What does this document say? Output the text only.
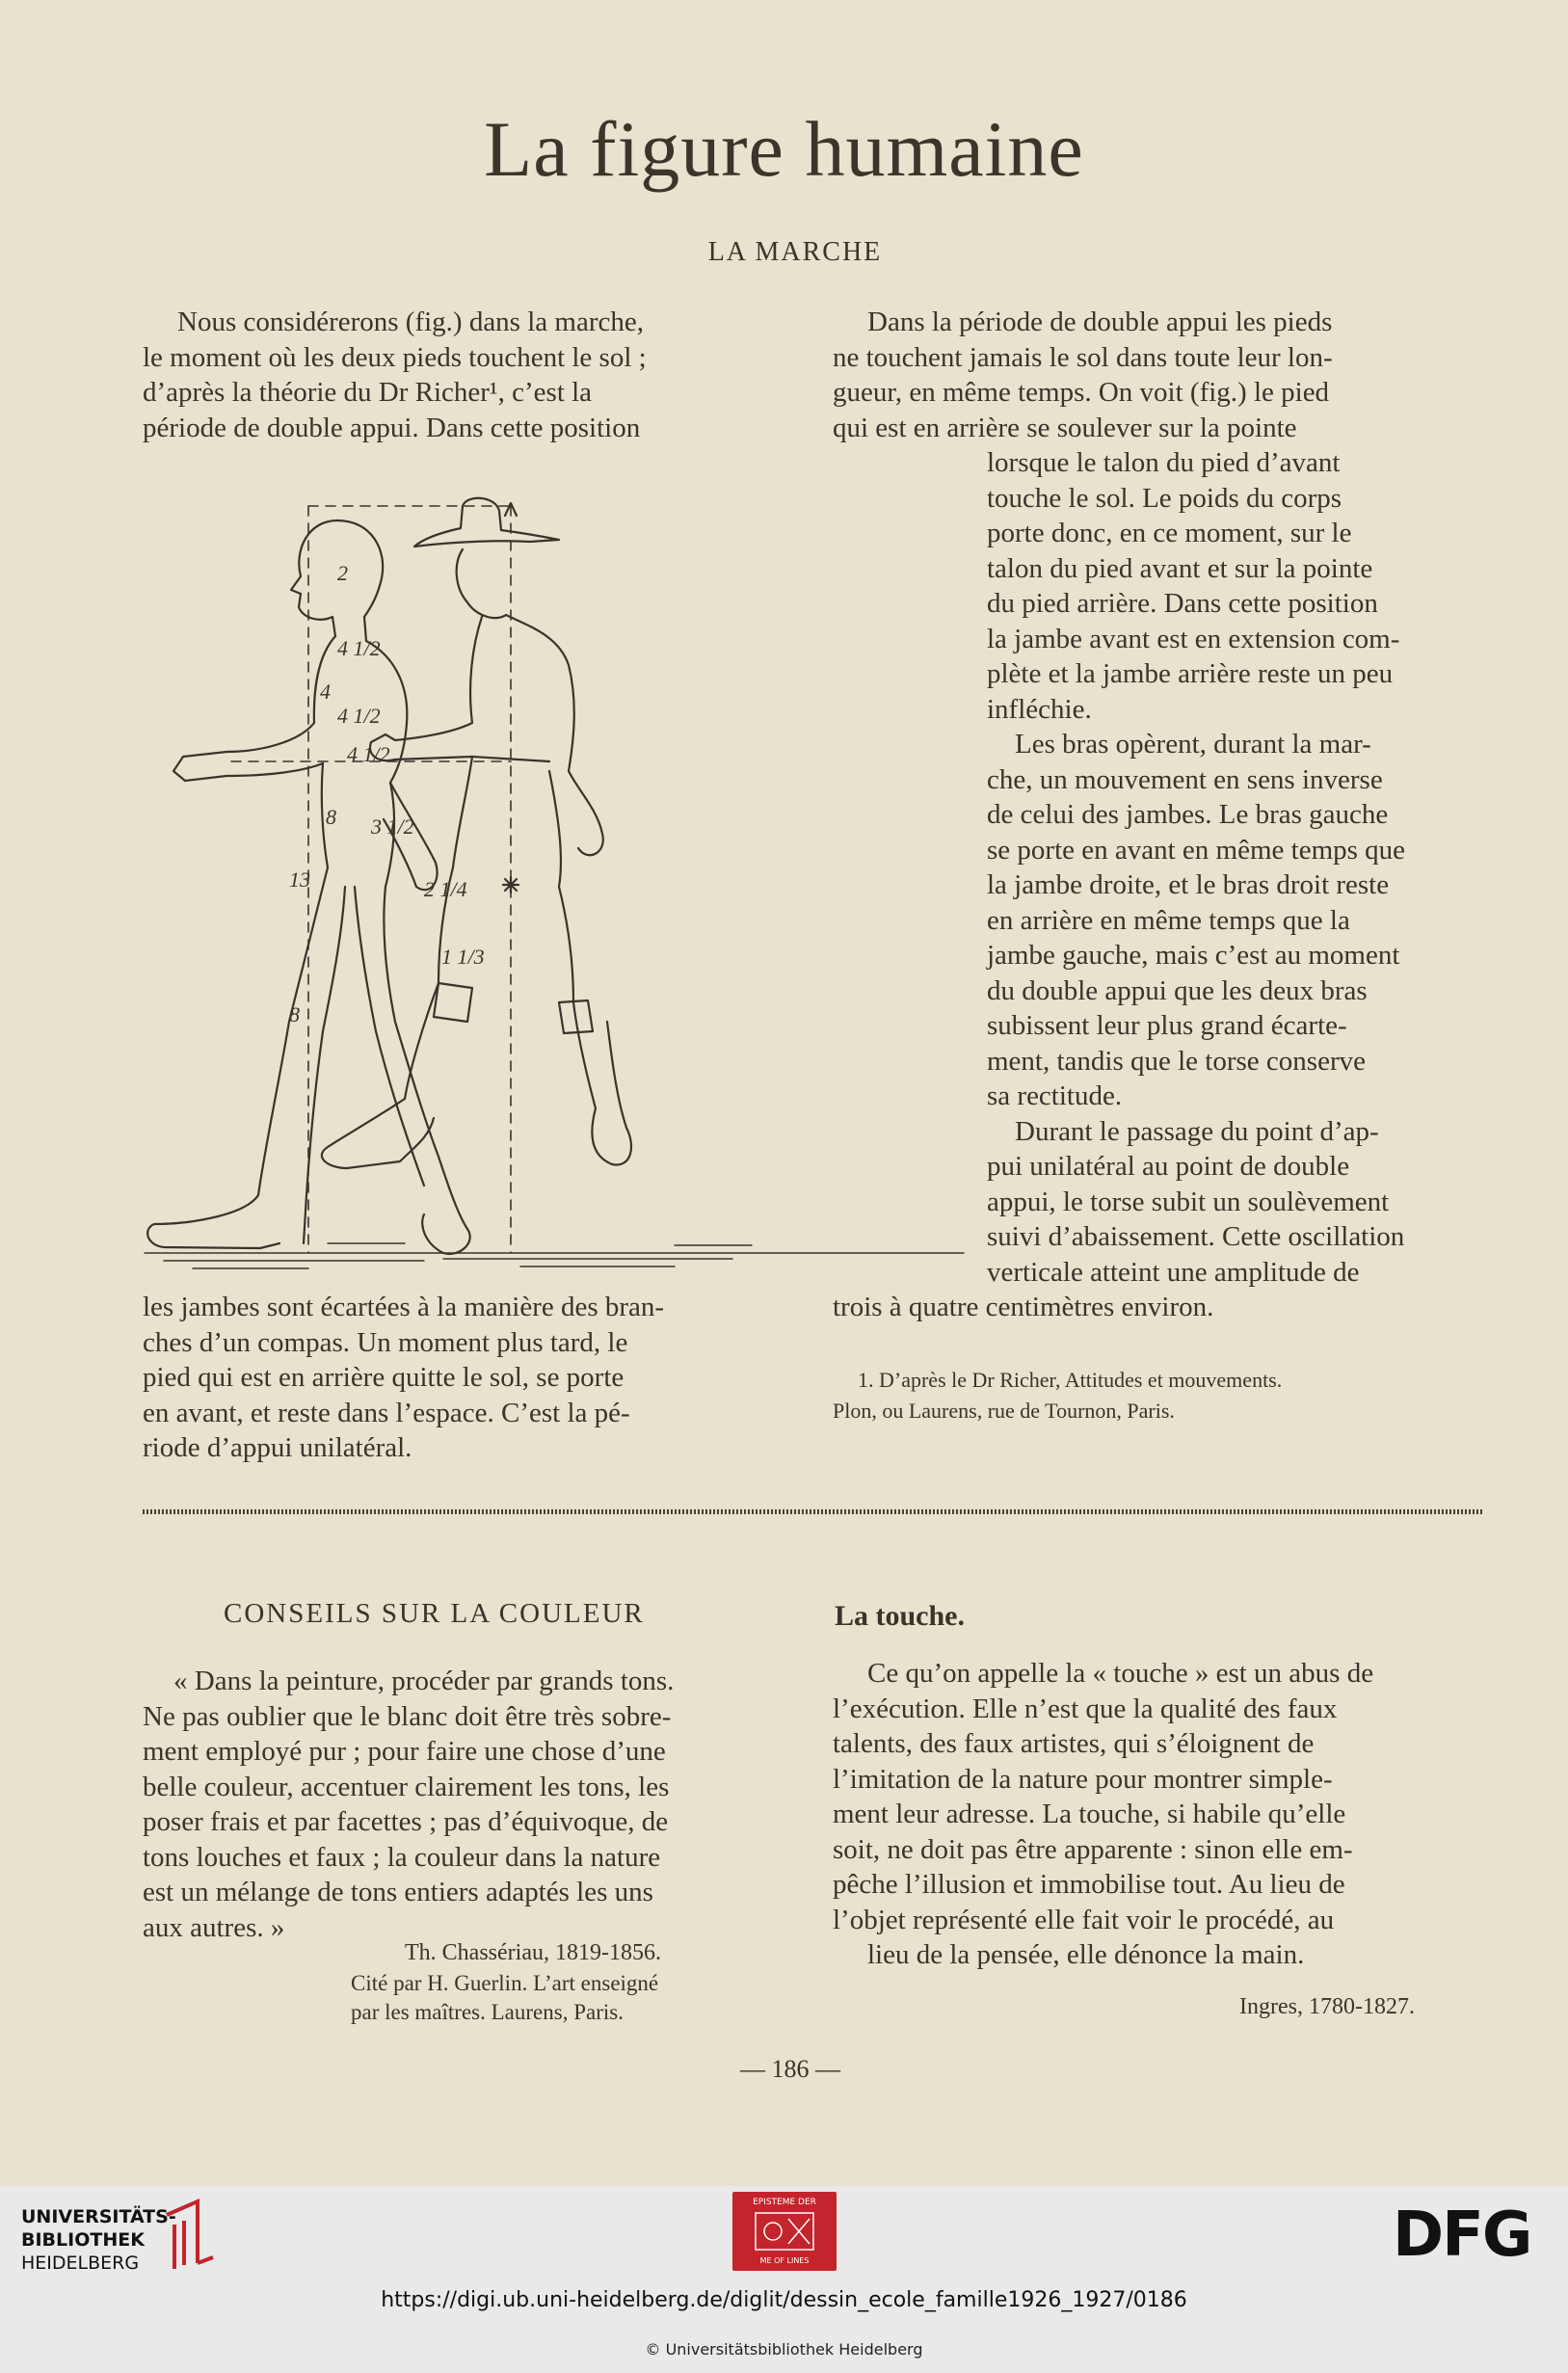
La figure humaine
LA MARCHE
Nous considérerons (fig.) dans la marche,
le moment où les deux pieds touchent le sol ;
d’après la théorie du Dr Richer¹, c’est la
période de double appui. Dans cette position
Dans la période de double appui les pieds
ne touchent jamais le sol dans toute leur lon-
gueur, en même temps. On voit (fig.) le pied
qui est en arrière se soulever sur la pointe
lorsque le talon du pied d’avant
touche le sol. Le poids du corps
porte donc, en ce moment, sur le
talon du pied avant et sur la pointe
du pied arrière. Dans cette position
la jambe avant est en extension com-
plète et la jambe arrière reste un peu
infléchie.
Les bras opèrent, durant la mar-
che, un mouvement en sens inverse
de celui des jambes. Le bras gauche
se porte en avant en même temps que
la jambe droite, et le bras droit reste
en arrière en même temps que la
jambe gauche, mais c’est au moment
du double appui que les deux bras
subissent leur plus grand écarte-
ment, tandis que le torse conserve
sa rectitude.
Durant le passage du point d’ap-
pui unilatéral au point de double
appui, le torse subit un soulèvement
suivi d’abaissement. Cette oscillation
verticale atteint une amplitude de
trois à quatre centimètres environ.
les jambes sont écartées à la manière des bran-
ches d’un compas. Un moment plus tard, le
pied qui est en arrière quitte le sol, se porte
en avant, et reste dans l’espace. C’est la pé-
riode d’appui unilatéral.
1. D’après le Dr Richer, Attitudes et mouvements.
Plon, ou Laurens, rue de Tournon, Paris.
2
4 1/2
4 1/2
4 1/2
3 1/2
4
8
13
1 1/3
8
2 1/4
CONSEILS SUR LA COULEUR
« Dans la peinture, procéder par grands tons.
Ne pas oublier que le blanc doit être très sobre-
ment employé pur ; pour faire une chose d’une
belle couleur, accentuer clairement les tons, les
poser frais et par facettes ; pas d’équivoque, de
tons louches et faux ; la couleur dans la nature
est un mélange de tons entiers adaptés les uns
aux autres. »
Th. Chassériau, 1819-1856.
Cité par H. Guerlin. L’art enseigné
par les maîtres. Laurens, Paris.
La touche.
Ce qu’on appelle la « touche » est un abus de
l’exécution. Elle n’est que la qualité des faux
talents, des faux artistes, qui s’éloignent de
l’imitation de la nature pour montrer simple-
ment leur adresse. La touche, si habile qu’elle
soit, ne doit pas être apparente : sinon elle em-
pêche l’illusion et immobilise tout. Au lieu de
l’objet représenté elle fait voir le procédé, au
lieu de la pensée, elle dénonce la main.
Ingres, 1780-1827.
— 186 —
UNIVERSITÄTS-
BIBLIOTHEK
HEIDELBERG
EPISTEME DER
ME OF LINES	DFG
https://digi.ub.uni-heidelberg.de/diglit/dessin_ecole_famille1926_1927/0186
© Universitätsbibliothek Heidelberg
